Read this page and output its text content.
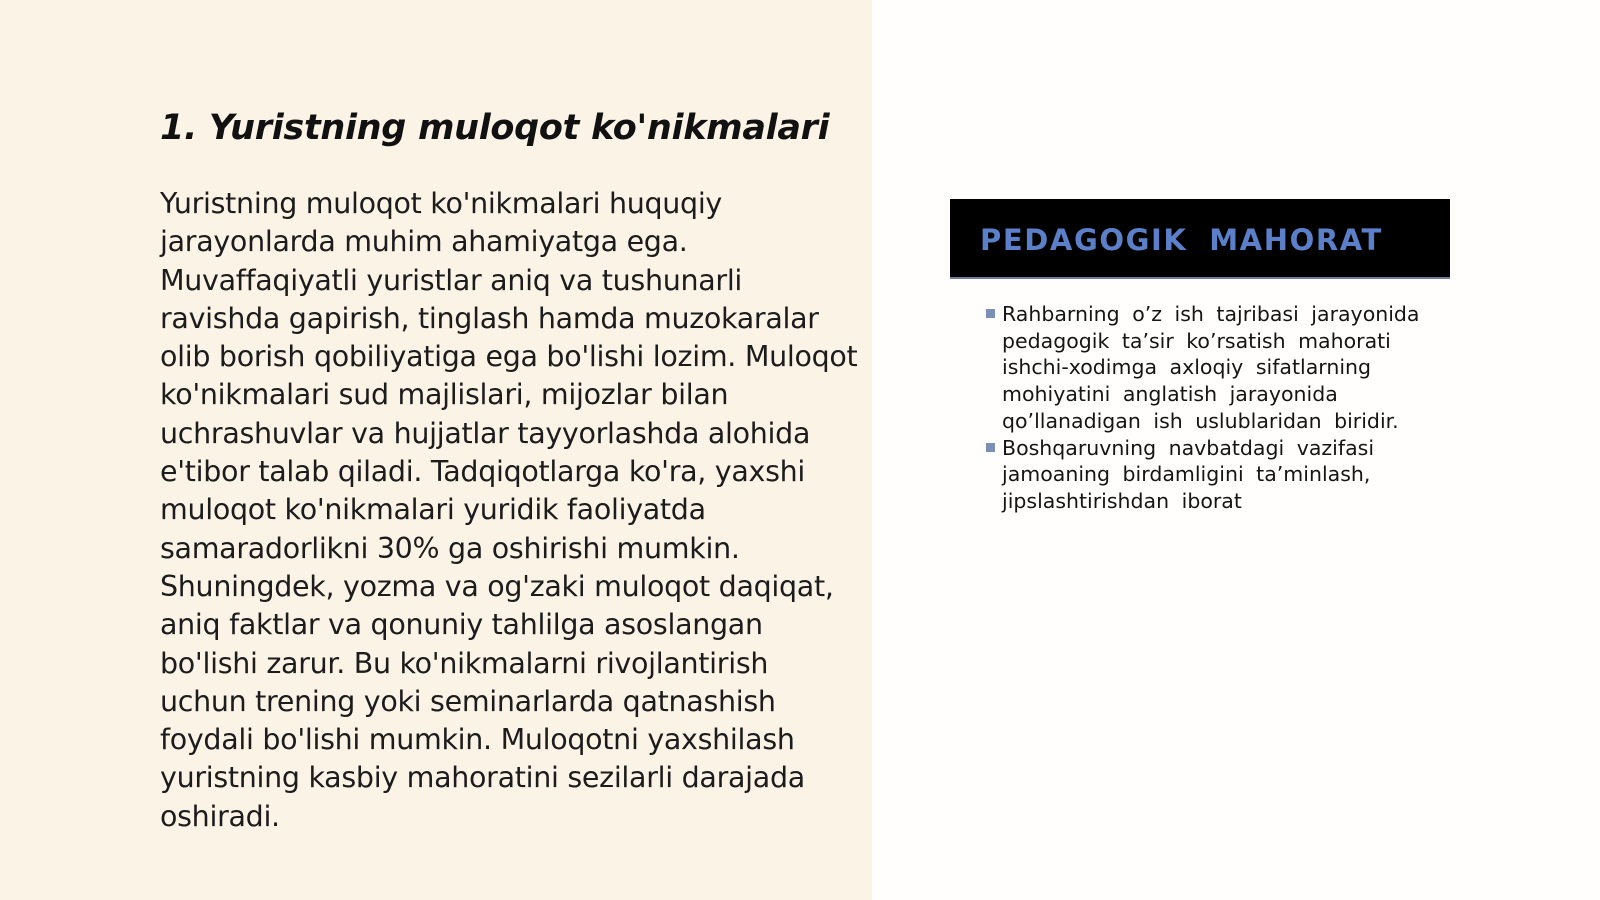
1. Yuristning muloqot ko'nikmalari

Yuristning muloqot ko'nikmalari huquqiy jarayonlarda muhim ahamiyatga ega. Muvaffaqiyatli yuristlar aniq va tushunarli ravishda gapirish, tinglash hamda muzokaralar olib borish qobiliyatiga ega bo'lishi lozim. Muloqot ko'nikmalari sud majlislari, mijozlar bilan uchrashuvlar va hujjatlar tayyorlashda alohida e'tibor talab qiladi. Tadqiqotlarga ko'ra, yaxshi muloqot ko'nikmalari yuridik faoliyatda samaradorlikni 30% ga oshirishi mumkin. Shuningdek, yozma va og'zaki muloqot daqiqat, aniq faktlar va qonuniy tahlilga asoslangan bo'lishi zarur. Bu ko'nikmalarni rivojlantirish uchun trening yoki seminarlarda qatnashish foydali bo'lishi mumkin. Muloqotni yaxshilash yuristning kasbiy mahoratini sezilarli darajada oshiradi.

PEDAGOGIK MAHORAT
Rahbarning o’z ish tajribasi jarayonida pedagogik ta’sir ko’rsatish mahorati ishchi-xodimga axloqiy sifatlarning mohiyatini anglatish jarayonida qo’llanadigan ish uslublaridan biridir.
Boshqaruvning navbatdagi vazifasi jamoaning birdamligini ta’minlash, jipslashtirishdan iborat
